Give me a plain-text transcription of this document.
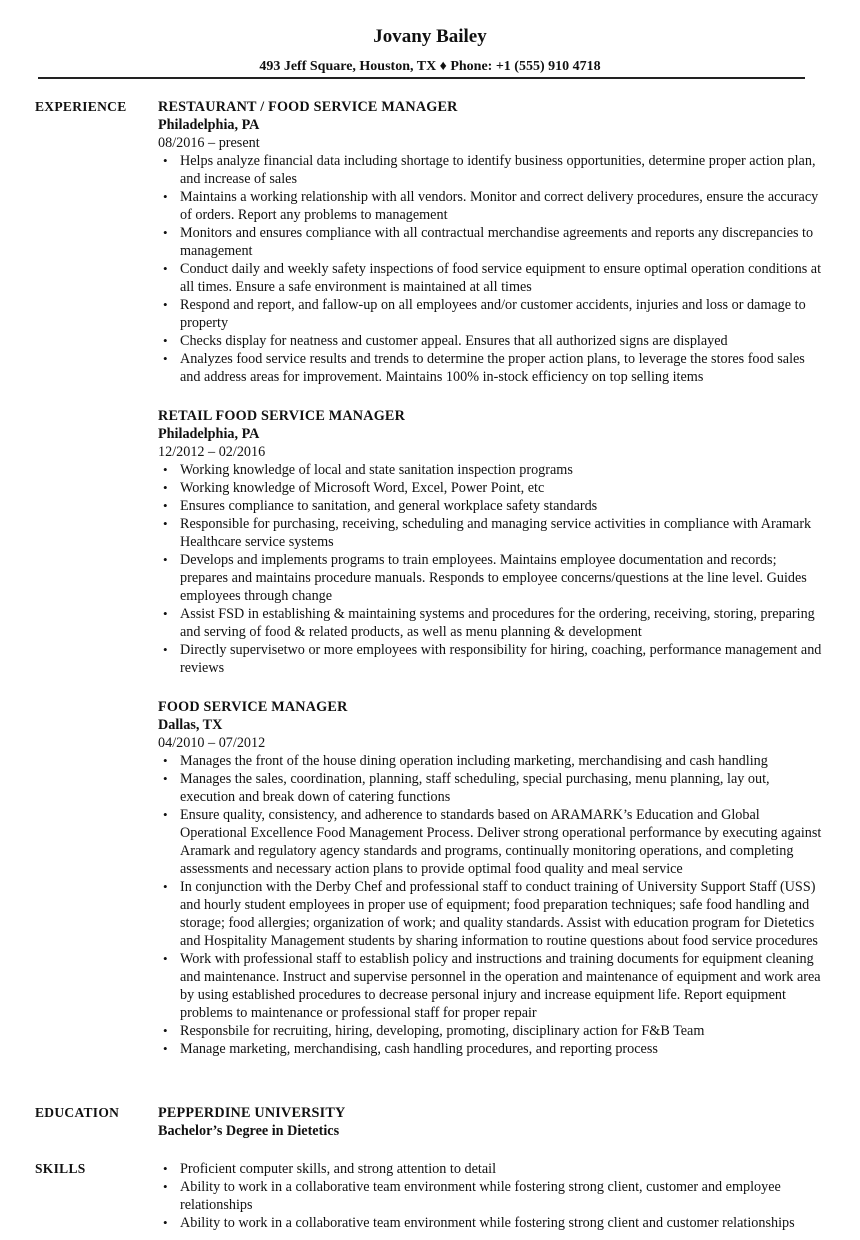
Jovany Bailey
493 Jeff Square, Houston, TX ♦ Phone: +1 (555) 910 4718
EXPERIENCE	RESTAURANT / FOOD SERVICE MANAGER
Philadelphia, PA
08/2016 – present
• Helps analyze financial data including shortage to identify business opportunities, determine proper action plan, and increase of sales
• Maintains a working relationship with all vendors. Monitor and correct delivery procedures, ensure the accuracy of orders. Report any problems to management
• Monitors and ensures compliance with all contractual merchandise agreements and reports any discrepancies to management
• Conduct daily and weekly safety inspections of food service equipment to ensure optimal operation conditions at all times. Ensure a safe environment is maintained at all times
• Respond and report, and fallow-up on all employees and/or customer accidents, injuries and loss or damage to property
• Checks display for neatness and customer appeal. Ensures that all authorized signs are displayed
• Analyzes food service results and trends to determine the proper action plans, to leverage the stores food sales and address areas for improvement. Maintains 100% in-stock efficiency on top selling items
RETAIL FOOD SERVICE MANAGER
Philadelphia, PA
12/2012 – 02/2016
• Working knowledge of local and state sanitation inspection programs
• Working knowledge of Microsoft Word, Excel, Power Point, etc
• Ensures compliance to sanitation, and general workplace safety standards
• Responsible for purchasing, receiving, scheduling and managing service activities in compliance with Aramark Healthcare service systems
• Develops and implements programs to train employees. Maintains employee documentation and records; prepares and maintains procedure manuals. Responds to employee concerns/questions at the line level. Guides employees through change
• Assist FSD in establishing & maintaining systems and procedures for the ordering, receiving, storing, preparing and serving of food & related products, as well as menu planning & development
• Directly supervisetwo or more employees with responsibility for hiring, coaching, performance management and reviews
FOOD SERVICE MANAGER
Dallas, TX
04/2010 – 07/2012
• Manages the front of the house dining operation including marketing, merchandising and cash handling
• Manages the sales, coordination, planning, staff scheduling, special purchasing, menu planning, lay out, execution and break down of catering functions
• Ensure quality, consistency, and adherence to standards based on ARAMARK’s Education and Global Operational Excellence Food Management Process. Deliver strong operational performance by executing against Aramark and regulatory agency standards and programs, continually monitoring operations, and completing assessments and necessary action plans to provide optimal food quality and meal service
• In conjunction with the Derby Chef and professional staff to conduct training of University Support Staff (USS) and hourly student employees in proper use of equipment; food preparation techniques; safe food handling and storage; food allergies; organization of work; and quality standards. Assist with education program for Dietetics and Hospitality Management students by sharing information to routine questions about food service procedures
• Work with professional staff to establish policy and instructions and training documents for equipment cleaning and maintenance. Instruct and supervise personnel in the operation and maintenance of equipment and work area by using established procedures to decrease personal injury and increase equipment life. Report equipment problems to maintenance or professional staff for proper repair
• Responsbile for recruiting, hiring, developing, promoting, disciplinary action for F&B Team
• Manage marketing, merchandising, cash handling procedures, and reporting process
EDUCATION	PEPPERDINE UNIVERSITY
Bachelor’s Degree in Dietetics
SKILLS
•	Proficient computer skills, and strong attention to detail
• Ability to work in a collaborative team environment while fostering strong client, customer and employee relationships
• Ability to work in a collaborative team environment while fostering strong client and customer relationships
